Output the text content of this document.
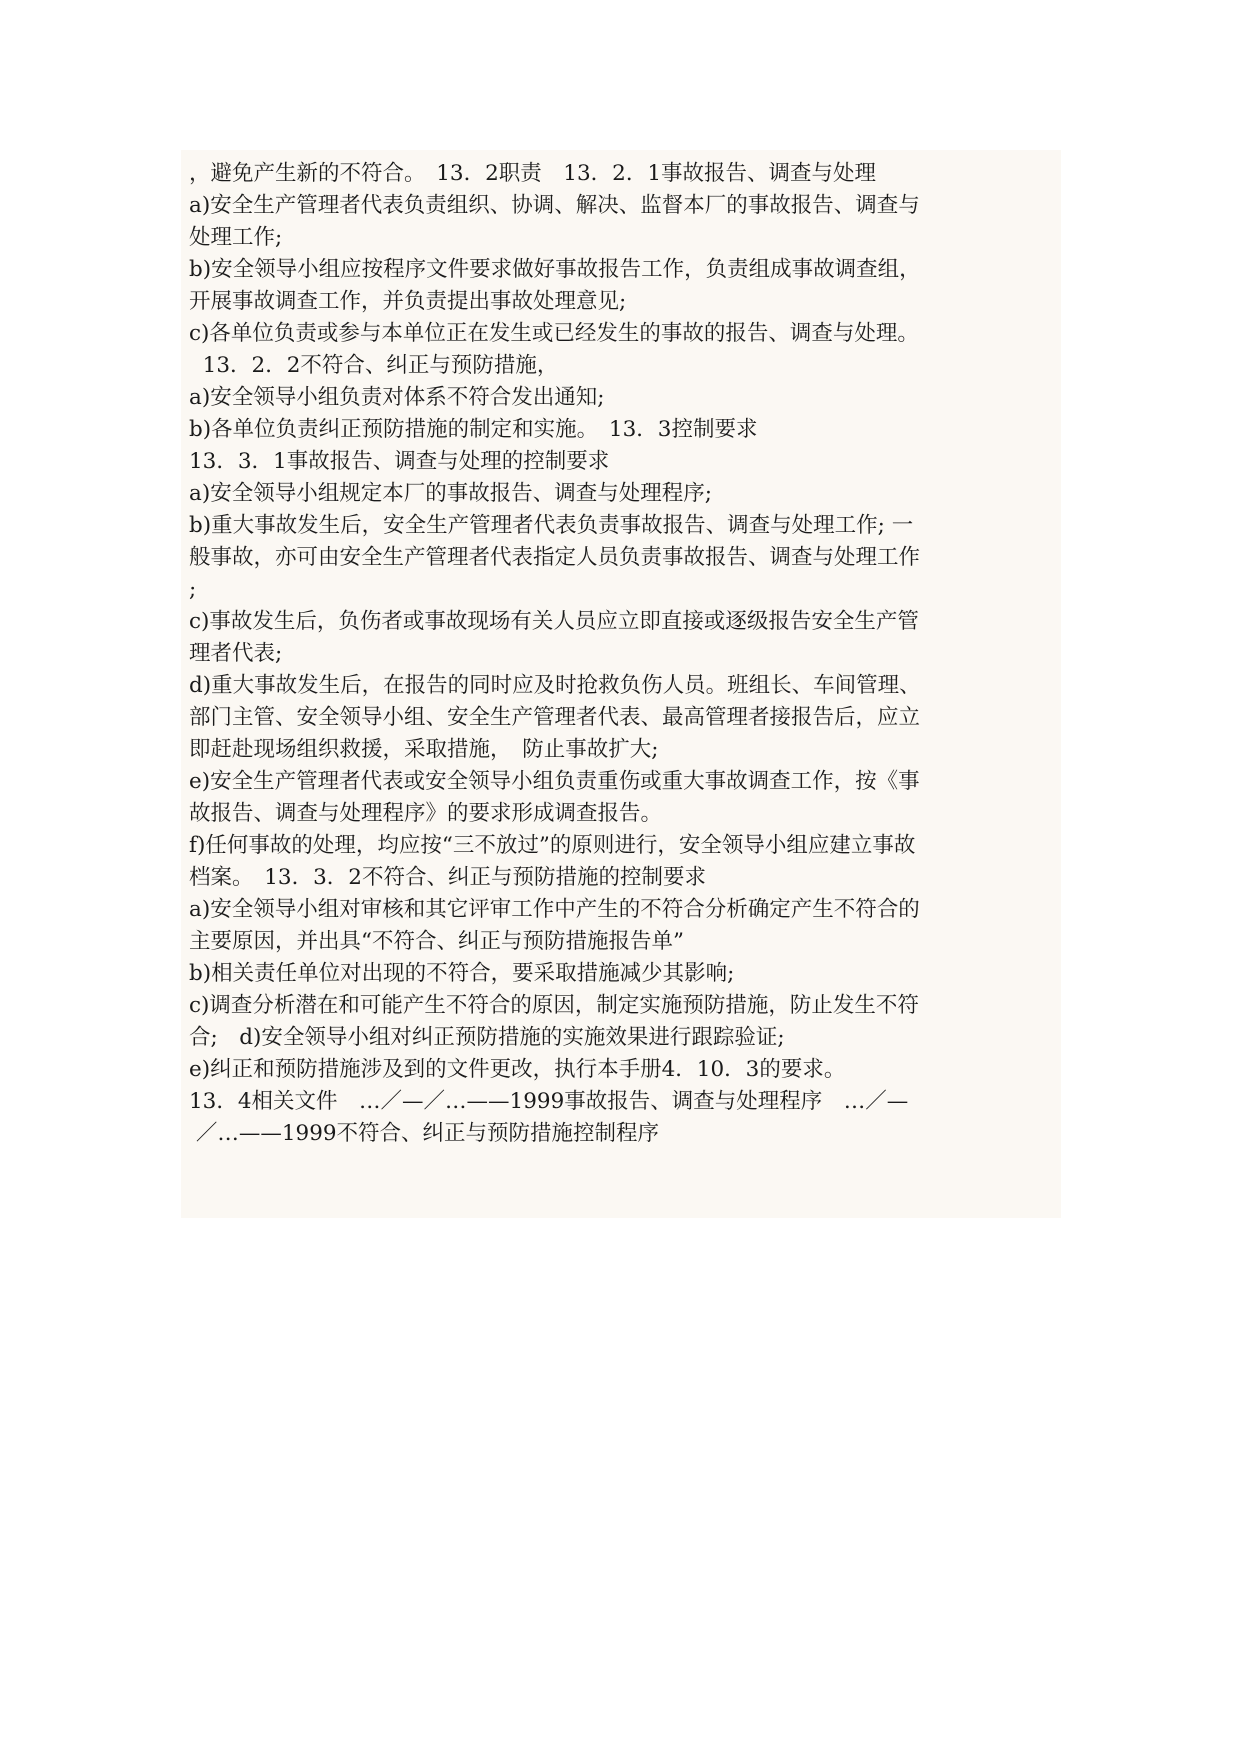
，避免产生新的不符合。　13．2职责　13．2．1事故报告、调查与处理
a)安全生产管理者代表负责组织、协调、解决、监督本厂的事故报告、调查与
处理工作;
b)安全领导小组应按程序文件要求做好事故报告工作，负责组成事故调查组，
开展事故调查工作，并负责提出事故处理意见;
c)各单位负责或参与本单位正在发生或已经发生的事故的报告、调查与处理。
13．2．2不符合、纠正与预防措施，
a)安全领导小组负责对体系不符合发出通知;
b)各单位负责纠正预防措施的制定和实施。　13．3控制要求
13．3．1事故报告、调查与处理的控制要求
a)安全领导小组规定本厂的事故报告、调查与处理程序;
b)重大事故发生后，安全生产管理者代表负责事故报告、调查与处理工作; 一
般事故，亦可由安全生产管理者代表指定人员负责事故报告、调查与处理工作
;
c)事故发生后，负伤者或事故现场有关人员应立即直接或逐级报告安全生产管
理者代表;
d)重大事故发生后，在报告的同时应及时抢救负伤人员。班组长、车间管理、
部门主管、安全领导小组、安全生产管理者代表、最高管理者接报告后，应立
即赶赴现场组织救援，采取措施，　防止事故扩大;
e)安全生产管理者代表或安全领导小组负责重伤或重大事故调查工作，按《事
故报告、调查与处理程序》的要求形成调查报告。
f)任何事故的处理，均应按“三不放过”的原则进行，安全领导小组应建立事故
档案。　13．3．2不符合、纠正与预防措施的控制要求
a)安全领导小组对审核和其它评审工作中产生的不符合分析确定产生不符合的
主要原因，并出具“不符合、纠正与预防措施报告单”
b)相关责任单位对出现的不符合，要采取措施减少其影响;
c)调查分析潜在和可能产生不符合的原因，制定实施预防措施，防止发生不符
合;　d)安全领导小组对纠正预防措施的实施效果进行跟踪验证;
e)纠正和预防措施涉及到的文件更改，执行本手册4．10．3的要求。
13．4相关文件　…／—／…——1999事故报告、调查与处理程序　…／—
／…——1999不符合、纠正与预防措施控制程序
